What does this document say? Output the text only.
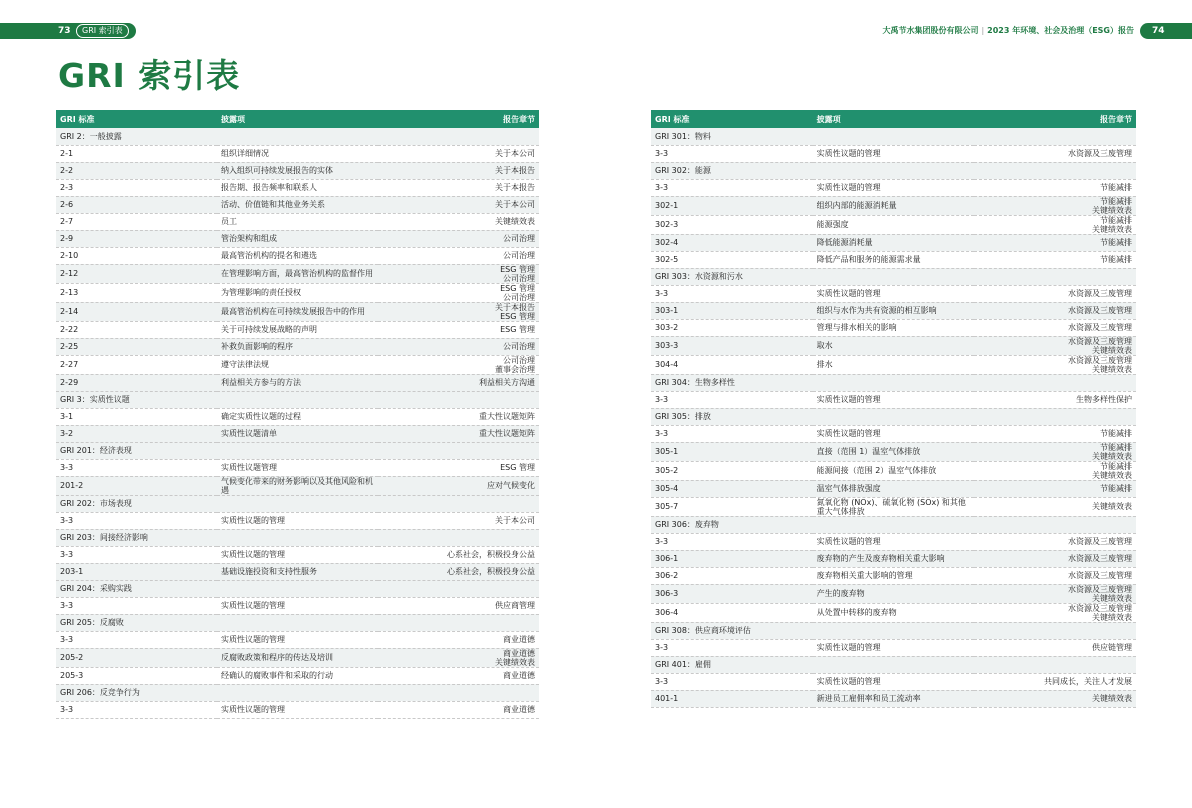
73	GRI 索引表	大禹节水集团股份有限公司 | 2023 年环境、社会及治理（ESG）报告 74
GRI 索引表
GRI 标准	披露项	报告章节
GRI 2：一般披露		
2-1	组织详细情况	关于本公司

2-2	纳入组织可持续发展报告的实体	关于本报告

2-3	报告期、报告频率和联系人	关于本报告

2-6	活动、价值链和其他业务关系	关于本公司

2-7	员工	关键绩效表

2-9	管治架构和组成	公司治理

2-10	最高管治机构的提名和遴选	公司治理

2-12	在管理影响方面，最高管治机构的监督作用	ESG 管理
公司治理

2-13	为管理影响的责任授权	ESG 管理
公司治理

2-14	最高管治机构在可持续发展报告中的作用	关于本报告
ESG 管理

2-22	关于可持续发展战略的声明	ESG 管理

2-25	补救负面影响的程序	公司治理

2-27	遵守法律法规	公司治理
董事会治理

2-29	利益相关方参与的方法	利益相关方沟通

GRI 3：实质性议题		
3-1	确定实质性议题的过程	重大性议题矩阵

3-2	实质性议题清单	重大性议题矩阵

GRI 201：经济表现		
3-3	实质性议题管理	ESG 管理

201-2	气候变化带来的财务影响以及其他风险和机遇	应对气候变化

GRI 202：市场表现		
3-3	实质性议题的管理	关于本公司

GRI 203：间接经济影响		
3-3	实质性议题的管理	心系社会，积极投身公益

203-1	基础设施投资和支持性服务	心系社会，积极投身公益

GRI 204：采购实践		
3-3	实质性议题的管理	供应商管理

GRI 205：反腐败		
3-3	实质性议题的管理	商业道德

205-2	反腐败政策和程序的传达及培训	商业道德
关键绩效表

205-3	经确认的腐败事件和采取的行动	商业道德

GRI 206：反竞争行为		
3-3	实质性议题的管理	商业道德
GRI 标准	披露项	报告章节
GRI 301：物料		
3-3	实质性议题的管理	水资源及三废管理

GRI 302：能源		
3-3	实质性议题的管理	节能减排

302-1	组织内部的能源消耗量	节能减排
关键绩效表

302-3	能源强度	节能减排
关键绩效表

302-4	降低能源消耗量	节能减排

302-5	降低产品和服务的能源需求量	节能减排

GRI 303：水资源和污水		
3-3	实质性议题的管理	水资源及三废管理

303-1	组织与水作为共有资源的相互影响	水资源及三废管理

303-2	管理与排水相关的影响	水资源及三废管理

303-3	取水	水资源及三废管理
关键绩效表

304-4	排水	水资源及三废管理
关键绩效表

GRI 304：生物多样性		
3-3	实质性议题的管理	生物多样性保护

GRI 305：排放		
3-3	实质性议题的管理	节能减排

305-1	直接（范围 1）温室气体排放	节能减排
关键绩效表

305-2	能源间接（范围 2）温室气体排放	节能减排
关键绩效表

305-4	温室气体排放强度	节能减排

305-7	氮氧化物 (NOx)、硫氧化物 (SOx) 和其他重大气体排放	关键绩效表

GRI 306：废弃物		
3-3	实质性议题的管理	水资源及三废管理

306-1	废弃物的产生及废弃物相关重大影响	水资源及三废管理

306-2	废弃物相关重大影响的管理	水资源及三废管理

306-3	产生的废弃物	水资源及三废管理
关键绩效表

306-4	从处置中转移的废弃物	水资源及三废管理
关键绩效表

GRI 308：供应商环境评估		
3-3	实质性议题的管理	供应链管理

GRI 401：雇佣		
3-3	实质性议题的管理	共同成长，关注人才发展

401-1	新进员工雇佣率和员工流动率	关键绩效表
